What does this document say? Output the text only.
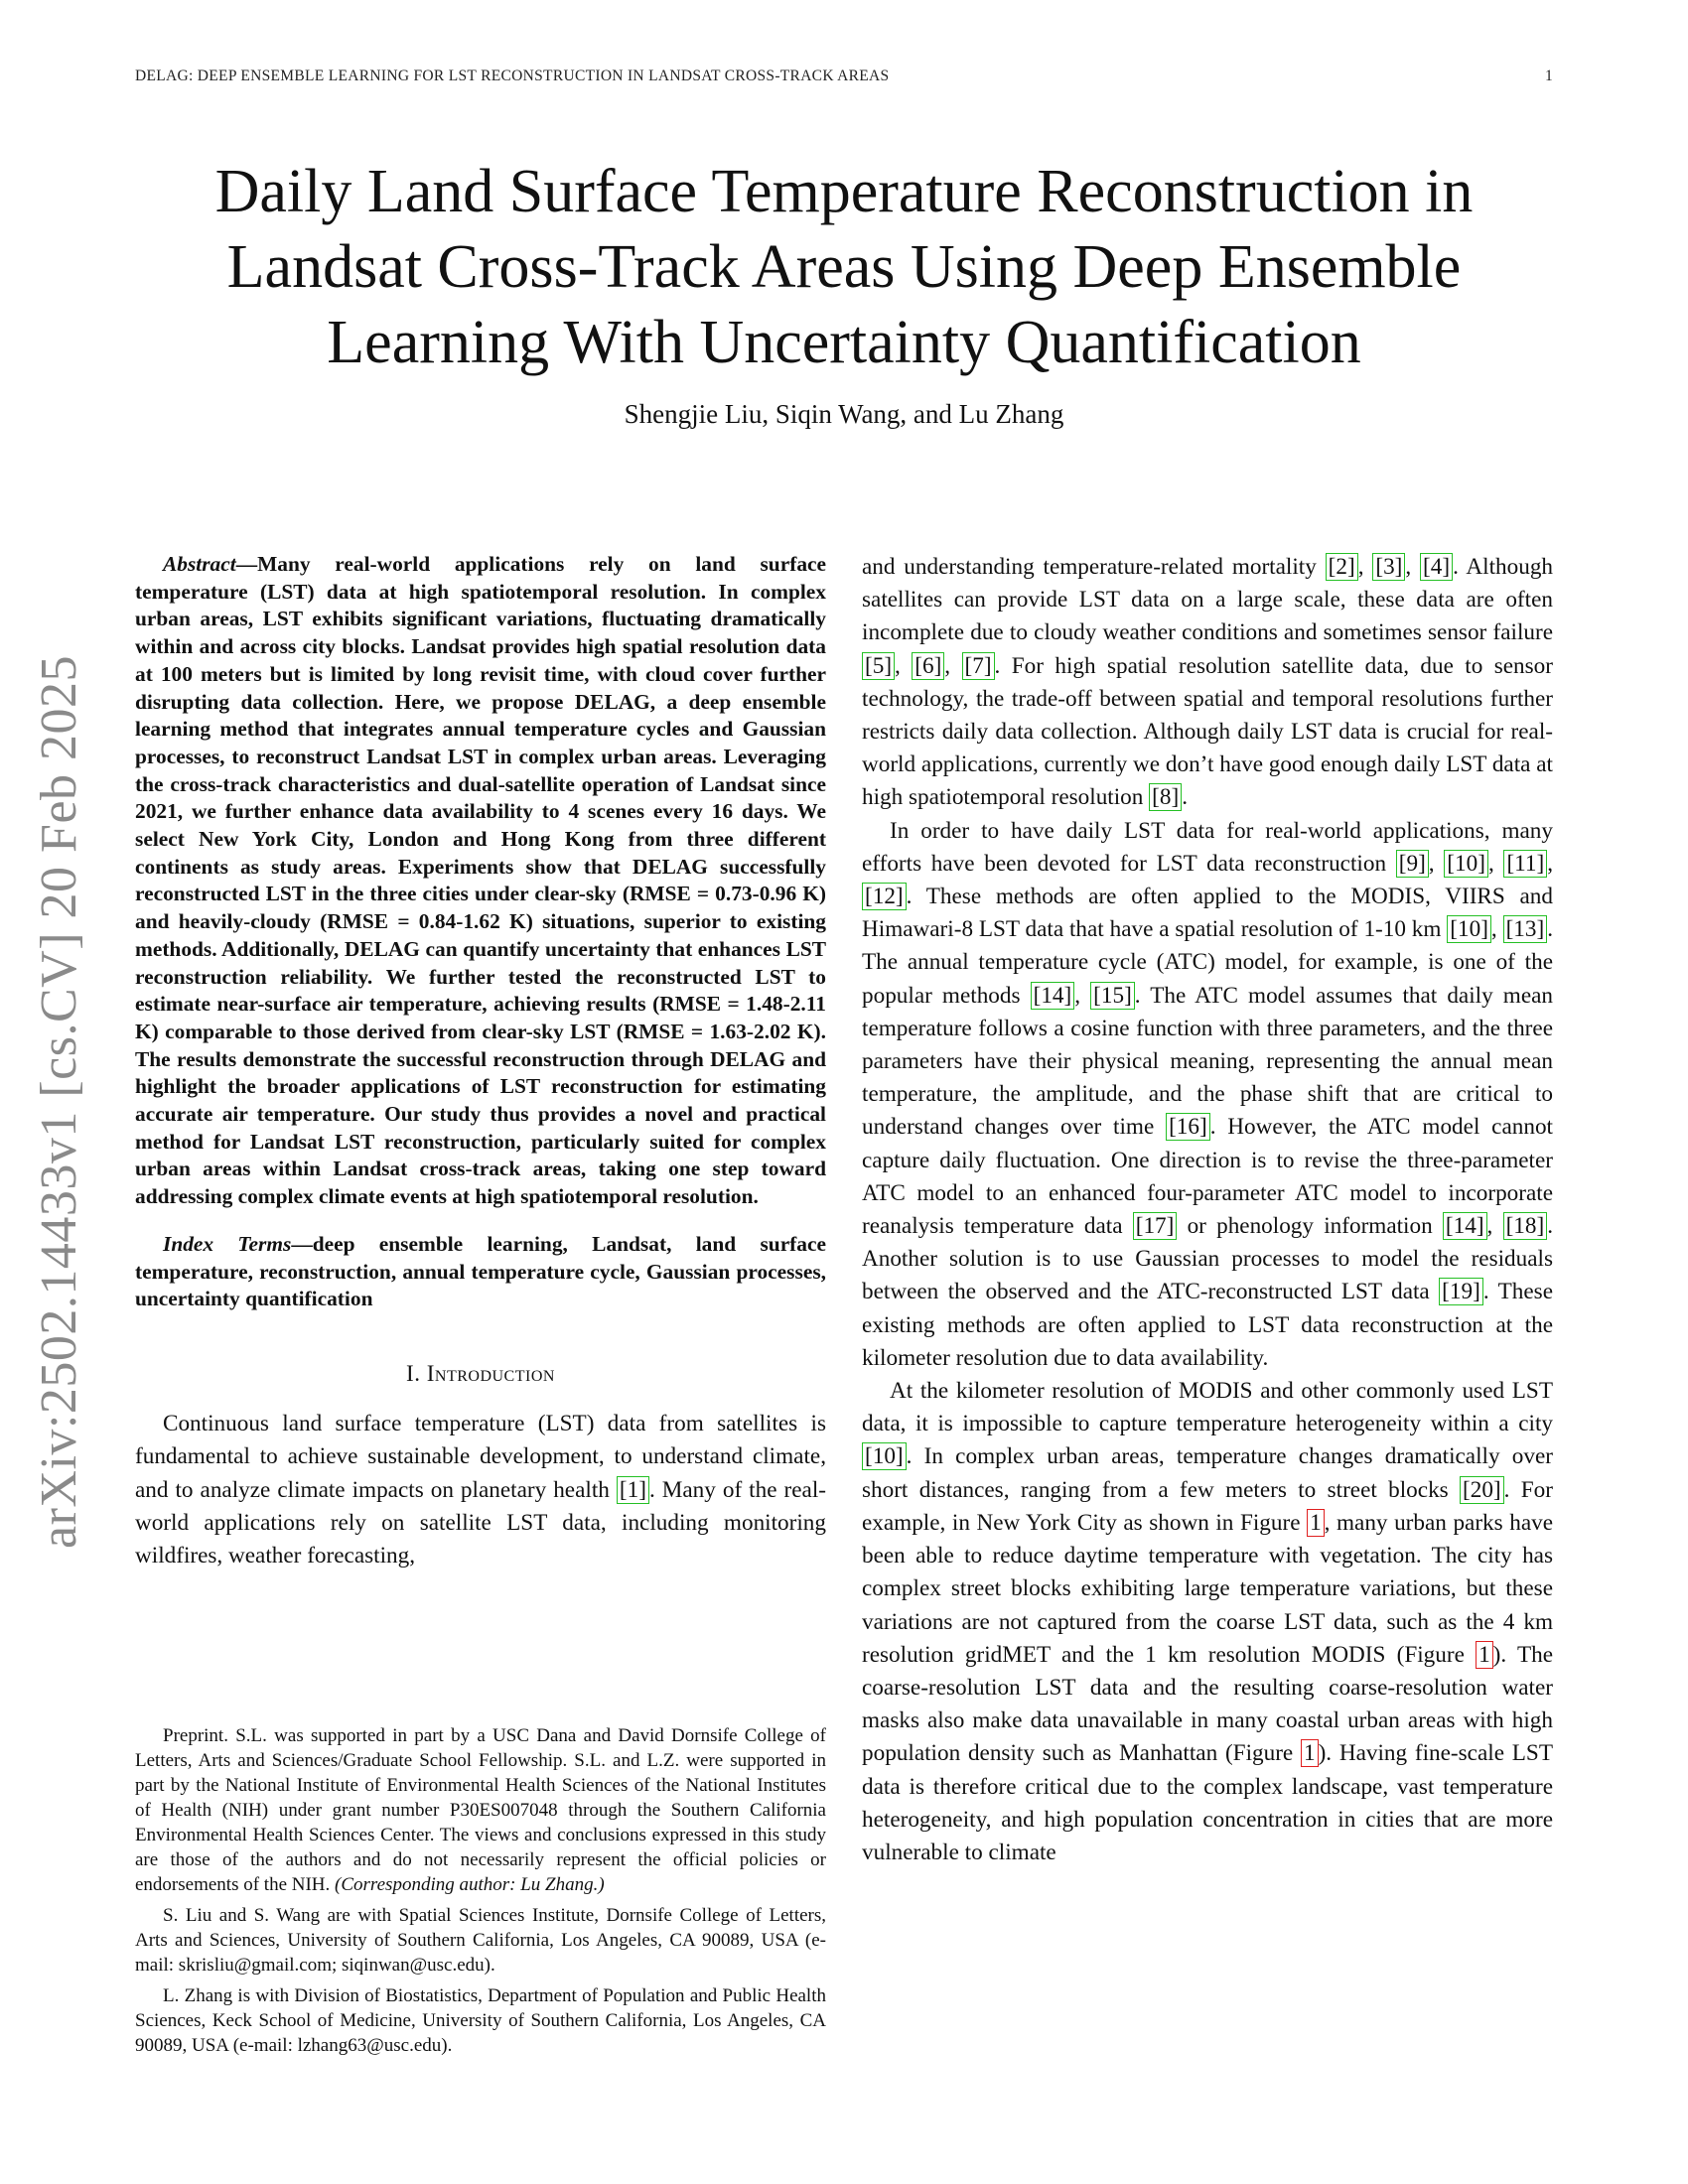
DELAG: DEEP ENSEMBLE LEARNING FOR LST RECONSTRUCTION IN LANDSAT CROSS-TRACK AREAS	1
arXiv:2502.14433v1 [cs.CV] 20 Feb 2025
Daily Land Surface Temperature Reconstruction in Landsat Cross-Track Areas Using Deep Ensemble Learning With Uncertainty Quantification
Shengjie Liu, Siqin Wang, and Lu Zhang

Abstract—Many real-world applications rely on land surface temperature (LST) data at high spatiotemporal resolution. In complex urban areas, LST exhibits significant variations, fluctuating dramatically within and across city blocks. Landsat provides high spatial resolution data at 100 meters but is limited by long revisit time, with cloud cover further disrupting data collection. Here, we propose DELAG, a deep ensemble learning method that integrates annual temperature cycles and Gaussian processes, to reconstruct Landsat LST in complex urban areas. Leveraging the cross-track characteristics and dual-satellite operation of Landsat since 2021, we further enhance data availability to 4 scenes every 16 days. We select New York City, London and Hong Kong from three different continents as study areas. Experiments show that DELAG successfully reconstructed LST in the three cities under clear-sky (RMSE = 0.73-0.96 K) and heavily-cloudy (RMSE = 0.84-1.62 K) situations, superior to existing methods. Additionally, DELAG can quantify uncertainty that enhances LST reconstruction reliability. We further tested the reconstructed LST to estimate near-surface air temperature, achieving results (RMSE = 1.48-2.11 K) comparable to those derived from clear-sky LST (RMSE = 1.63-2.02 K). The results demonstrate the successful reconstruction through DELAG and highlight the broader applications of LST reconstruction for estimating accurate air temperature. Our study thus provides a novel and practical method for Landsat LST reconstruction, particularly suited for complex urban areas within Landsat cross-track areas, taking one step toward addressing complex climate events at high spatiotemporal resolution.

Index Terms—deep ensemble learning, Landsat, land surface temperature, reconstruction, annual temperature cycle, Gaussian processes, uncertainty quantification

I. Introduction

Continuous land surface temperature (LST) data from satellites is fundamental to achieve sustainable development, to understand climate, and to analyze climate impacts on planetary health [1] . Many of the real-world applications rely on satellite LST data, including monitoring wildfires, weather forecasting,

Preprint. S.L. was supported in part by a USC Dana and David Dornsife College of Letters, Arts and Sciences/Graduate School Fellowship. S.L. and L.Z. were supported in part by the National Institute of Environmental Health Sciences of the National Institutes of Health (NIH) under grant number P30ES007048 through the Southern California Environmental Health Sciences Center. The views and conclusions expressed in this study are those of the authors and do not necessarily represent the official policies or endorsements of the NIH. (Corresponding author: Lu Zhang.)

S. Liu and S. Wang are with Spatial Sciences Institute, Dornsife College of Letters, Arts and Sciences, University of Southern California, Los Angeles, CA 90089, USA (e-mail: skrisliu@gmail.com; siqinwan@usc.edu).

L. Zhang is with Division of Biostatistics, Department of Population and Public Health Sciences, Keck School of Medicine, University of Southern California, Los Angeles, CA 90089, USA (e-mail: lzhang63@usc.edu).

and understanding temperature-related mortality [2] , [3] , [4] . Although satellites can provide LST data on a large scale, these data are often incomplete due to cloudy weather conditions and sometimes sensor failure [5] , [6] , [7] . For high spatial resolution satellite data, due to sensor technology, the trade-off between spatial and temporal resolutions further restricts daily data collection. Although daily LST data is crucial for real-world applications, currently we don’t have good enough daily LST data at high spatiotemporal resolution [8] .

In order to have daily LST data for real-world applications, many efforts have been devoted for LST data reconstruction [9] , [10] , [11] , [12] . These methods are often applied to the MODIS, VIIRS and Himawari-8 LST data that have a spatial resolution of 1-10 km [10] , [13] . The annual temperature cycle (ATC) model, for example, is one of the popular methods [14] , [15] . The ATC model assumes that daily mean temperature follows a cosine function with three parameters, and the three parameters have their physical meaning, representing the annual mean temperature, the amplitude, and the phase shift that are critical to understand changes over time [16] . However, the ATC model cannot capture daily fluctuation. One direction is to revise the three-parameter ATC model to an enhanced four-parameter ATC model to incorporate reanalysis temperature data [17] or phenology information [14] , [18] . Another solution is to use Gaussian processes to model the residuals between the observed and the ATC-reconstructed LST data [19] . These existing methods are often applied to LST data reconstruction at the kilometer resolution due to data availability.

At the kilometer resolution of MODIS and other commonly used LST data, it is impossible to capture temperature heterogeneity within a city [10] . In complex urban areas, temperature changes dramatically over short distances, ranging from a few meters to street blocks [20] . For example, in New York City as shown in Figure 1 , many urban parks have been able to reduce daytime temperature with vegetation. The city has complex street blocks exhibiting large temperature variations, but these variations are not captured from the coarse LST data, such as the 4 km resolution gridMET and the 1 km resolution MODIS (Figure 1 ). The coarse-resolution LST data and the resulting coarse-resolution water masks also make data unavailable in many coastal urban areas with high population density such as Manhattan (Figure 1 ). Having fine-scale LST data is therefore critical due to the complex landscape, vast temperature heterogeneity, and high population concentration in cities that are more vulnerable to climate
